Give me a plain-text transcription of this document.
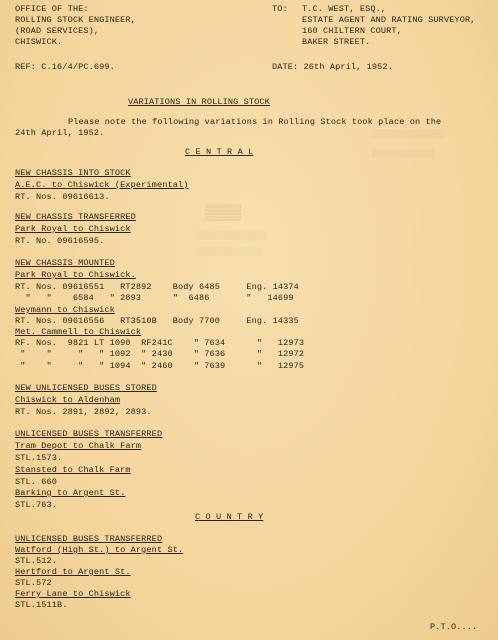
▒▒▒▒
░░░░░░░░░░░░░░░
░░░░░░░░░░░░░
░░░░░░░░░░░░░░░
░░░░░░░░░░░░░░
OFFICE OF THE:
ROLLING STOCK ENGINEER,
(ROAD SERVICES),
CHISWICK.
TO: T.C. WEST, ESQ.,
ESTATE AGENT AND RATING SURVEYOR,
160 CHILTERN COURT,
BAKER STREET.
REF: C.16/4/PC.699.	DATE: 26th April, 1952.
VARIATIONS IN ROLLING STOCK
Please note the following variations in Rolling Stock took place on the
24th April, 1952.
C E N T R A L
NEW CHASSIS INTO STOCK
A.E.C. to Chiswick (Experimental)
RT. Nos. 09616613.
NEW CHASSIS TRANSFERRED
Park Royal to Chiswick
RT. No. 09616595.
NEW CHASSIS MOUNTED
Park Royal to Chiswick.
RT. Nos. 09616551   RT2892    Body 6485     Eng. 14374
"   "    6584   " 2893      "  6486       "   14699
Weymann to Chiswick
RT. Nos. 09616556   RT3510B   Body 7700     Eng. 14335
Met. Cammell to Chiswick
RF. Nos.  9821 LT 1090  RF241C    " 7634      "   12973
"    "     "   " 1092  " 2430    " 7636      "   12972
"    "     "   " 1094  " 2460    " 7639      "   12975
NEW UNLICENSED BUSES STORED
Chiswick to Aldenham
RT. Nos. 2891, 2892, 2893.
UNLICENSED BUSES TRANSFERRED
Tram Depot to Chalk Farm
STL.1573.
Stansted to Chalk Farm
STL. 660
Barking to Argent St.
STL.763.
C O U N T R Y
UNLICENSED BUSES TRANSFERRED
Watford (High St.) to Argent St.
STL.512.
Hertford to Argent St.
STL.572
Ferry Lane to Chiswick
STL.1511B.
P.T.O....
